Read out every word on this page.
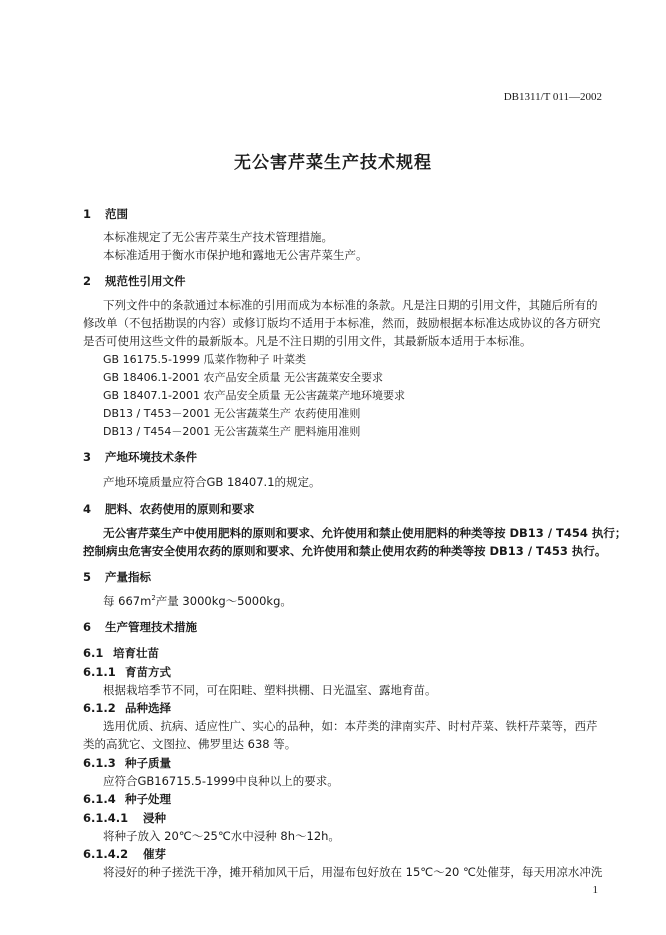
DB1311/T 011—2002
无公害芹菜生产技术规程
1 范围
本标准规定了无公害芹菜生产技术管理措施。
本标准适用于衡水市保护地和露地无公害芹菜生产。
2 规范性引用文件
下列文件中的条款通过本标准的引用而成为本标准的条款。凡是注日期的引用文件，其随后所有的
修改单（不包括勘误的内容）或修订版均不适用于本标准，然而，鼓励根据本标准达成协议的各方研究
是否可使用这些文件的最新版本。凡是不注日期的引用文件，其最新版本适用于本标准。
GB 16175.5-1999 瓜菜作物种子 叶菜类
GB 18406.1-2001 农产品安全质量 无公害蔬菜安全要求
GB 18407.1-2001 农产品安全质量 无公害蔬菜产地环境要求
DB13 / T453－2001 无公害蔬菜生产 农药使用准则
DB13 / T454－2001 无公害蔬菜生产 肥料施用准则
3 产地环境技术条件
产地环境质量应符合GB 18407.1的规定。
4 肥料、农药使用的原则和要求
无公害芹菜生产中使用肥料的原则和要求、允许使用和禁止使用肥料的种类等按 DB13 / T454 执行；
控制病虫危害安全使用农药的原则和要求、允许使用和禁止使用农药的种类等按 DB13 / T453 执行。
5 产量指标
每 $667m^2$产量 3000kg～5000kg。
6 生产管理技术措施
6.1 培育壮苗
6.1.1 育苗方式
根据栽培季节不同，可在阳畦、塑料拱棚、日光温室、露地育苗。
6.1.2 品种选择
选用优质、抗病、适应性广、实心的品种，如：本芹类的津南实芹、时村芹菜、铁杆芹菜等，西芹
类的高犹它、文图拉、佛罗里达 638 等。
6.1.3 种子质量
应符合GB16715.5-1999中良种以上的要求。
6.1.4 种子处理
6.1.4.1 浸种
将种子放入 20℃～25℃水中浸种 8h～12h。
6.1.4.2 催芽
将浸好的种子搓洗干净，摊开稍加风干后，用湿布包好放在 15℃～20 ℃处催芽，每天用凉水冲洗
1
